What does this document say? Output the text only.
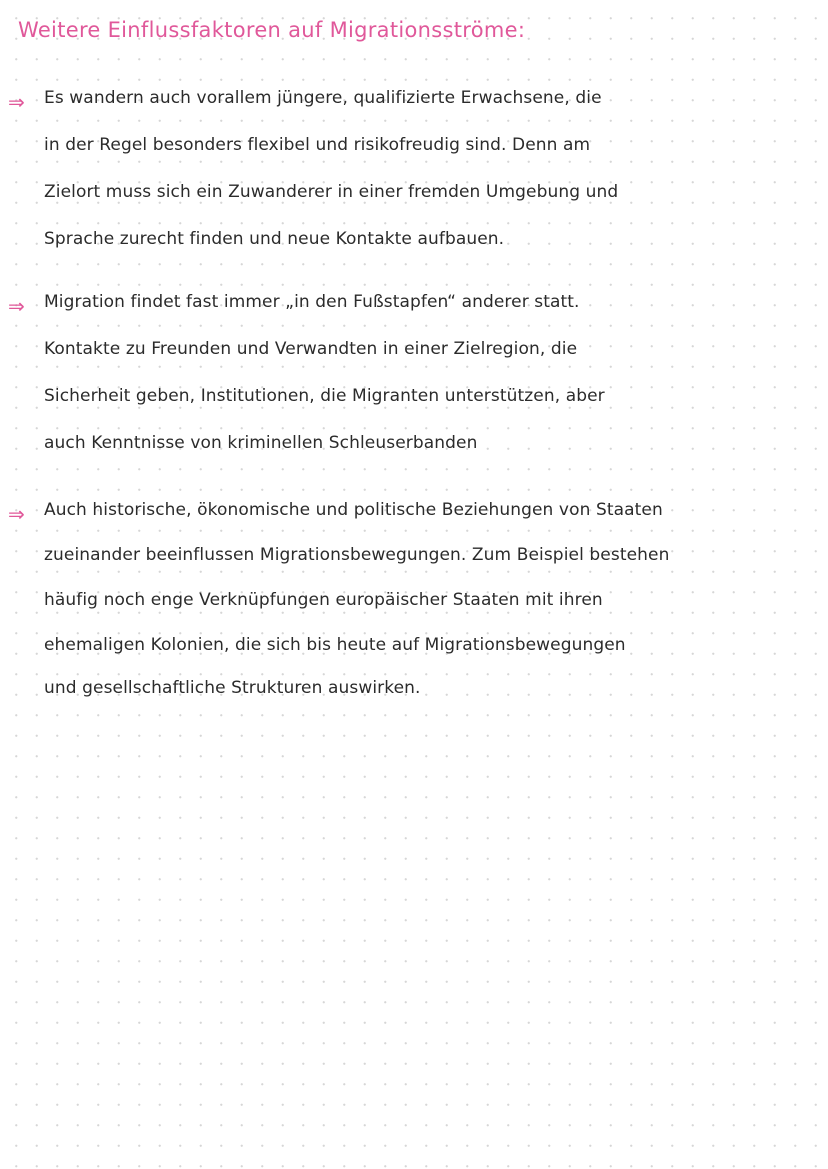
Weitere Einflussfaktoren auf Migrationsströme:
⇒ Es wandern auch vorallem jüngere, qualifizierte Erwachsene, die
in der Regel besonders flexibel und risikofreudig sind. Denn am
Zielort muss sich ein Zuwanderer in einer fremden Umgebung und
Sprache zurecht finden und neue Kontakte aufbauen.
⇒ Migration findet fast immer „in den Fußstapfen“ anderer statt.
Kontakte zu Freunden und Verwandten in einer Zielregion, die
Sicherheit geben, Institutionen, die Migranten unterstützen, aber
auch Kenntnisse von kriminellen Schleuserbanden
⇒ Auch historische, ökonomische und politische Beziehungen von Staaten
zueinander beeinflussen Migrationsbewegungen. Zum Beispiel bestehen
häufig noch enge Verknüpfungen europäischer Staaten mit ihren
ehemaligen Kolonien, die sich bis heute auf Migrationsbewegungen
und gesellschaftliche Strukturen auswirken.
